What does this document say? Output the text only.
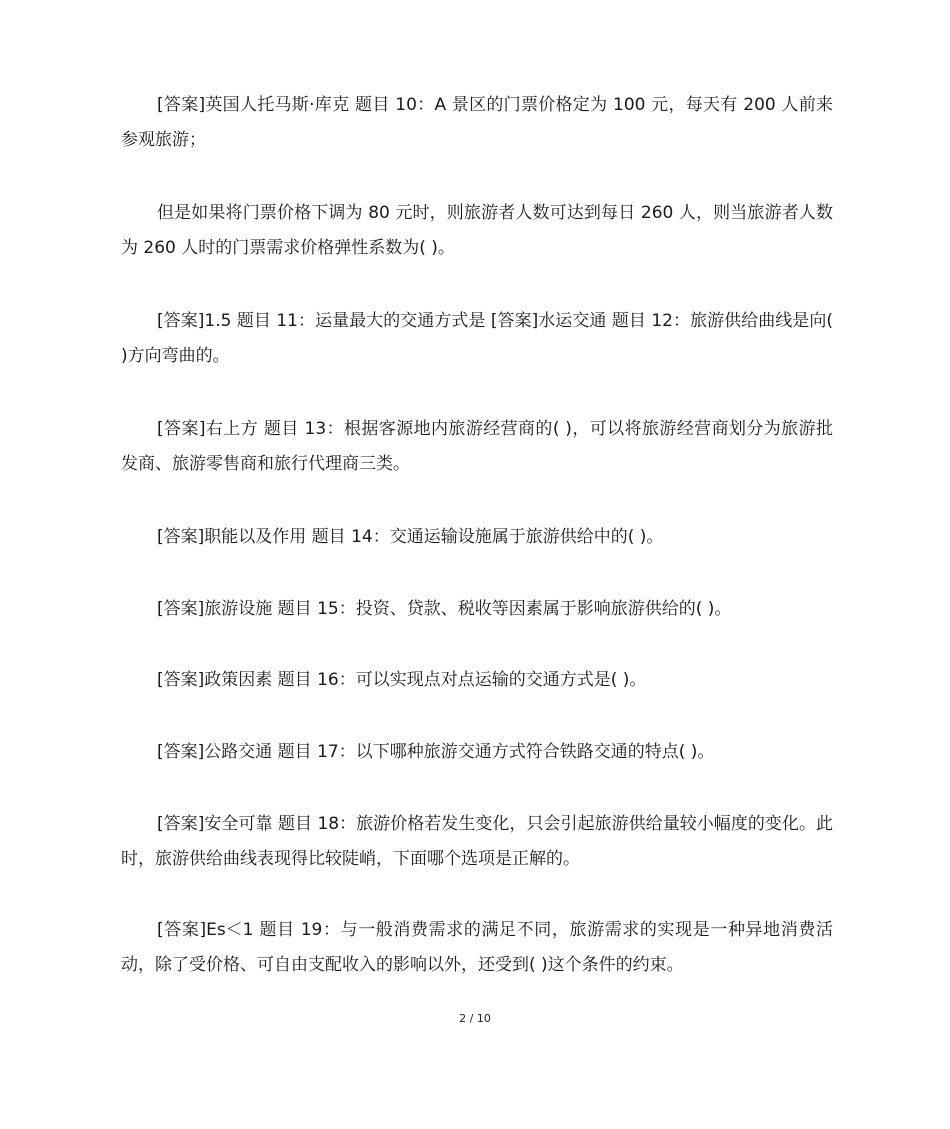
[答案]英国人托马斯·库克 题目 10：A 景区的门票价格定为 100 元，每天有 200 人前来参观旅游；

但是如果将门票价格下调为 80 元时，则旅游者人数可达到每日 260 人，则当旅游者人数为 260 人时的门票需求价格弹性系数为( )。

[答案]1.5 题目 11：运量最大的交通方式是 [答案]水运交通 题目 12：旅游供给曲线是向( )方向弯曲的。

[答案]右上方 题目 13：根据客源地内旅游经营商的( )，可以将旅游经营商划分为旅游批发商、旅游零售商和旅行代理商三类。

[答案]职能以及作用 题目 14：交通运输设施属于旅游供给中的( )。

[答案]旅游设施 题目 15：投资、贷款、税收等因素属于影响旅游供给的( )。

[答案]政策因素 题目 16：可以实现点对点运输的交通方式是( )。

[答案]公路交通 题目 17：以下哪种旅游交通方式符合铁路交通的特点( )。

[答案]安全可靠 题目 18：旅游价格若发生变化，只会引起旅游供给量较小幅度的变化。此时，旅游供给曲线表现得比较陡峭，下面哪个选项是正解的。

[答案]Es＜1 题目 19：与一般消费需求的满足不同，旅游需求的实现是一种异地消费活动，除了受价格、可自由支配收入的影响以外，还受到( )这个条件的约束。

2 / 10
